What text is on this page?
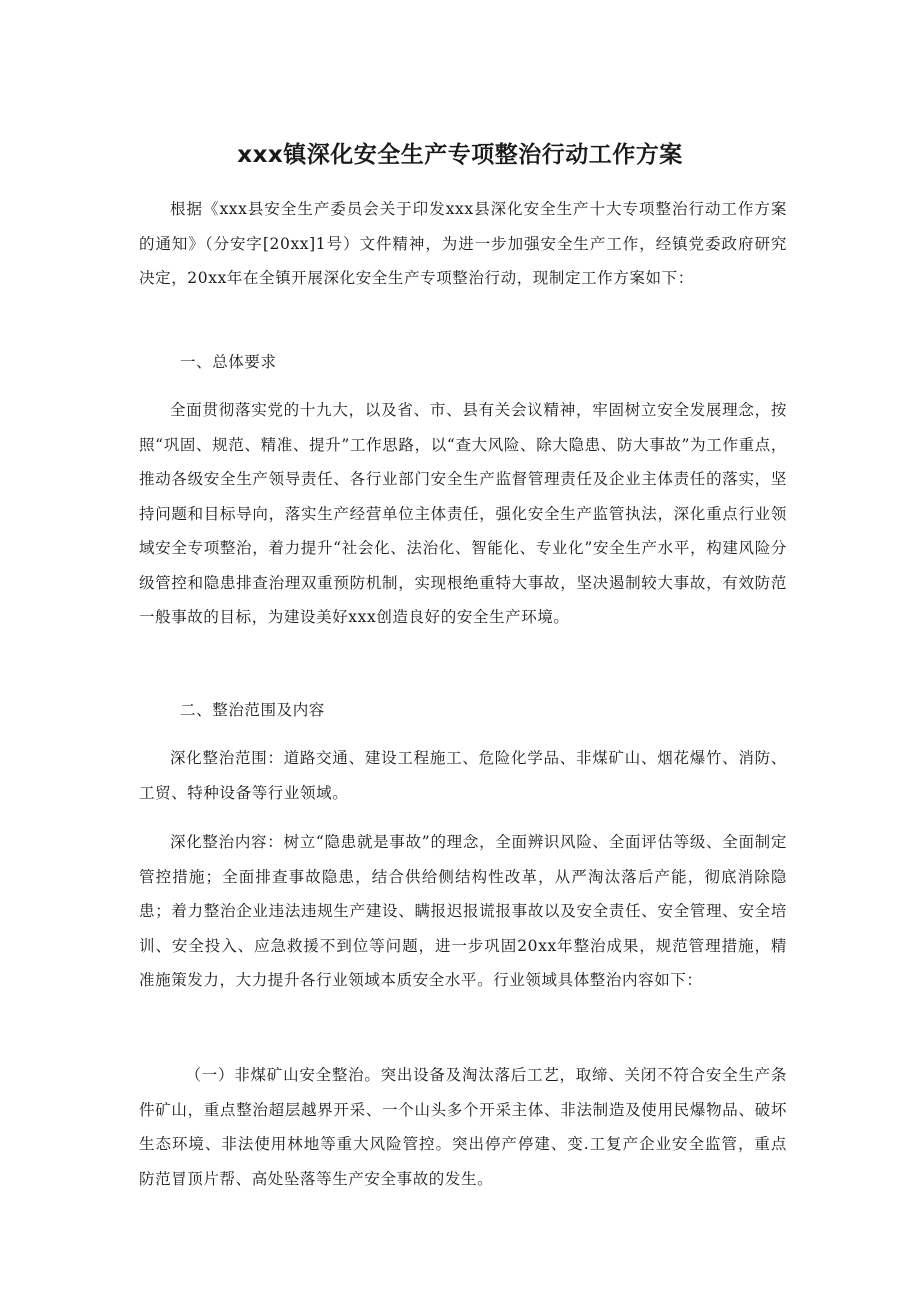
xxx镇深化安全生产专项整治行动工作方案

根据《xxx县安全生产委员会关于印发xxx县深化安全生产十大专项整治行动工作方案的通知》（分安字[20xx]1号）文件精神，为进一步加强安全生产工作，经镇党委政府研究决定，20xx年在全镇开展深化安全生产专项整治行动，现制定工作方案如下：

一、总体要求

全面贯彻落实党的十九大，以及省、市、县有关会议精神，牢固树立安全发展理念，按照“巩固、规范、精准、提升”工作思路，以“查大风险、除大隐患、防大事故”为工作重点，推动各级安全生产领导责任、各行业部门安全生产监督管理责任及企业主体责任的落实，坚持问题和目标导向，落实生产经营单位主体责任，强化安全生产监管执法，深化重点行业领域安全专项整治，着力提升“社会化、法治化、智能化、专业化”安全生产水平，构建风险分级管控和隐患排查治理双重预防机制，实现根绝重特大事故，坚决遏制较大事故，有效防范一般事故的目标，为建设美好xxx创造良好的安全生产环境。

二、整治范围及内容

深化整治范围：道路交通、建设工程施工、危险化学品、非煤矿山、烟花爆竹、消防、工贸、特种设备等行业领域。

深化整治内容：树立“隐患就是事故”的理念，全面辨识风险、全面评估等级、全面制定管控措施；全面排查事故隐患，结合供给侧结构性改革，从严淘汰落后产能，彻底消除隐患；着力整治企业违法违规生产建设、瞒报迟报谎报事故以及安全责任、安全管理、安全培训、安全投入、应急救援不到位等问题，进一步巩固20xx年整治成果，规范管理措施，精准施策发力，大力提升各行业领域本质安全水平。行业领域具体整治内容如下：

（一）非煤矿山安全整治。突出设备及淘汰落后工艺，取缔、关闭不符合安全生产条件矿山，重点整治超层越界开采、一个山头多个开采主体、非法制造及使用民爆物品、破坏生态环境、非法使用林地等重大风险管控。突出停产停建、变.工复产企业安全监管，重点防范冒顶片帮、高处坠落等生产安全事故的发生。
